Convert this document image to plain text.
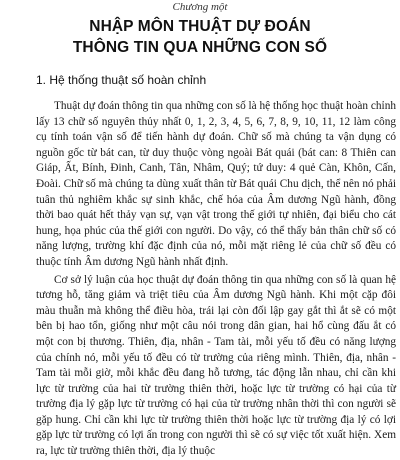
Chương một
NHẬP MÔN THUẬT DỰ ĐOÁN
THÔNG TIN QUA NHỮNG CON SỐ
1. Hệ thống thuật số hoàn chỉnh

Thuật dự đoán thông tin qua những con số là hệ thống học thuật hoàn chỉnh lấy 13 chữ số nguyên thủy nhất 0, 1, 2, 3, 4, 5, 6, 7, 8, 9, 10, 11, 12 làm công cụ tính toán vận số để tiến hành dự đoán. Chữ số mà chúng ta vận dụng có nguồn gốc từ bát can, từ duy thuộc vòng ngoài Bát quái (bát can: 8 Thiên can Giáp, Ất, Bính, Đinh, Canh, Tân, Nhâm, Quý; tứ duy: 4 quẻ Càn, Khôn, Cấn, Đoài. Chữ số mà chúng ta dùng xuất thân từ Bát quái Chu dịch, thể nên nó phải tuân thủ nghiêm khắc sự sinh khắc, chế hóa của Âm dương Ngũ hành, đồng thời bao quát hết thảy vạn sự, vạn vật trong thế giới tự nhiên, đại biểu cho cát hung, họa phúc của thế giới con người. Do vậy, có thể thấy bản thân chữ số có năng lượng, trường khí đặc định của nó, mỗi mặt riêng lẻ của chữ số đều có thuộc tính Âm dương Ngũ hành nhất định.

Cơ sở lý luận của học thuật dự đoán thông tin qua những con số là quan hệ tương hỗ, tăng giảm và triệt tiêu của Âm dương Ngũ hành. Khi một cặp đôi màu thuẫn mà không thể điều hòa, trái lại còn đối lập gay gắt thì ắt sẽ có một bên bị hao tổn, giống như một câu nói trong dân gian, hai hổ cùng đấu ắt có một con bị thương. Thiên, địa, nhân - Tam tài, mỗi yếu tố đều có năng lượng của chính nó, mỗi yếu tố đều có từ trường của riêng mình. Thiên, địa, nhân - Tam tài mỗi giờ, mỗi khắc đều đang hỗ tương, tác động lẫn nhau, chỉ cần khi lực từ trường của hai từ trường thiên thời, hoặc lực từ trường có hại của từ trường địa lý gặp lực từ trường có hại của từ trường nhân thời thì con người sẽ gặp hung. Chỉ cần khi lực từ trường thiên thời hoặc lực từ trường địa lý có lợi gặp lực từ trường có lợi ấn trong con người thì sẽ có sự việc tốt xuất hiện. Xem ra, lực từ trường thiên thời, địa lý thuộc
